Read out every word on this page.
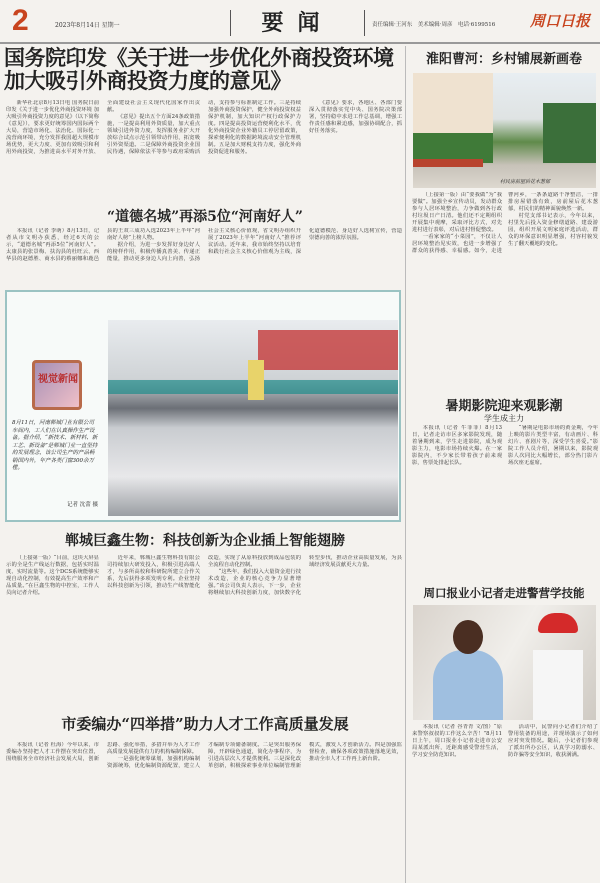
2	2023年8月14日 星期一	要闻	责任编辑·王河东　美术编辑·周彦　电话·6199516 周口日报
国务院印发《关于进一步优化外商投资环境加大吸引外商投资力度的意见》

新华社北京8月13日电 国务院日前印发《关于进一步优化外商投资环境 加大吸引外商投资力度的意见》（以下简称《意见》），要求更好统筹国内国际两个大局，营造市场化、法治化、国际化一流营商环境，充分发挥我国超大规模市场优势，更大力度、更加有效吸引和利用外商投资，为推进高水平对外开放、全面建设社会主义现代化国家作出贡献。

《意见》提出五个方面24条政策措施，一是提高利用外资质量，加大重点领域引进外资力度，发挥服务业扩大开放综合试点示范引领带动作用，拓宽吸引外资渠道。二是保障外商投资企业国民待遇，保障依法平等参与政府采购活动，支持参与标准制定工作。三是持续加强外商投资保护，健全外商投资权益保护机制，加大知识产权行政保护力度。四是提高投资运营便利化水平，优化外商投资企业外籍员工停居留政策，探索便利化的数据跨境流动安全管理机制。五是加大财税支持力度，强化外商投资促进和服务。

《意见》要求，各地区、各部门要深入贯彻落实党中央、国务院决策部署，坚持稳中求进工作总基调，增强工作责任感和紧迫感，加强协调配合，抓好任务落实。

“道德名城”再添5位“河南好人”

本报讯（记者 李萌）8月13日，记者从市文明办获悉，经过6天的公示，“道德名城”再添5位“河南好人”。太康县的张景梅、扶沟县的杜旺云、西华县的赵德胜、商水县的蔡丽娜和鹿邑县的王双三成功入选2023年上半年“河南好人榜”上榜人物。

据介绍，为进一步发挥好身边好人的榜样作用，积极传播真善美、传递正能量，推动更多身边人向上向善，弘扬社会主义核心价值观，省文明办组织开展了2023年上半年“河南好人”推荐评议活动。近年来，我市始终坚持以培育和践行社会主义核心价值观为主线，深化道德模范、身边好人选树宣传，营造崇德向善的浓厚氛围。

视觉新闻
8月11日，河南郸城门业有限公司车间内，工人们在认真操作生产设备。据介绍，“新技术、新材料、新工艺、新设备”是郸城门业一直坚持的发展理念，该公司生产的产品畅销国内外，年产各类门窗300余万樘。
记者 沈蕾 摄
郸城巨鑫生物：科技创新为企业插上智能翅膀

（上接第一版）“目前，这块大屏显示的全是生产线运行数据，包括实时温度、实时流量等。这个DCS系统能够实现自动化控制，有效提高生产效率和产品质量。”在巨鑫生物的中控室，工作人员向记者介绍。

近年来，郸城巨鑫生物科技有限公司持续加大研发投入，积极引进高端人才，与多所高校和科研院所建立合作关系，先后获得多项发明专利。企业坚持以科技创新为引领，推动生产线智能化改造，实现了从原料投放到成品包装的全流程自动化控制。

“这些年，我们投入大量资金进行技术改造，企业的核心竞争力显著增强。”该公司负责人表示，下一步，企业将继续加大科技创新力度，加快数字化转型步伐，推动企业高质量发展，为县域经济发展贡献更大力量。

市委编办“四举措”助力人才工作高质量发展

本报讯（记者 杜海）今年以来，市委编办坚持把人才工作摆在突出位置，围绕服务全市经济社会发展大局，创新思路、强化举措，多措并举为人才工作高质量发展提供有力的机构编制保障。

一是强化统筹谋划，加强机构编制资源统筹，优化编制资源配置，建立人才编制专项储备制度。二是突出服务保障，开辟绿色通道，简化办事程序，为引进高层次人才提供便利。三是深化改革创新，积极探索事业单位编制管理新模式，激发人才创新活力。四是加强监督检查，确保各项政策措施落地见效，推动全市人才工作再上新台阶。

淮阳曹河：乡村铺展新画卷
村民房前屋后花木葱郁

（上接第一版）由“要我做”为“我要做”。加强全乡宣传动员，发动群众参与人居环境整治，力争做到各行政村垃圾日产日清。他们还不定期组织开展集中观摩，采取评比方式，对先进村进行表彰，对后进村督促整改。

一看家家的“小菜园”，不仅让人居环境整治见实效，也进一步增强了群众的获得感、幸福感。如今，走进曹河乡，一条条道路干净整洁，一排排房屋错落有致，房前屋后花木葱郁，村民们的精神面貌焕然一新。

村党支部书记表示，今年以来，村里先后投入资金修缮道路、建设游园，组织开展文明家庭评选活动，群众的环保意识明显增强，村容村貌发生了翻天覆地的变化。

暑期影院迎来观影潮
学生成主力

本报讯（记者 牛菲菲）8月13日，记者走访市区多家影院发现，随着暑期到来，学生走进影院，成为观影主力，电影市场持续火爆。在一家影院内，不少家长带着孩子前来观影，售票处排起长队。

“暑期是电影市场的黄金期，今年上映的影片类型丰富，有动画片、科幻片、喜剧片等，深受学生喜爱。”影院工作人员介绍，暑期以来，影院观影人次同比大幅增长，部分热门影片场次座无虚席。

周口报业小记者走进警营学技能

本报讯（记者 谷青青 文/图）“原来警察叔叔的工作这么辛苦！”8月11日上午，周口报业小记者走进市公安局某派出所，近距离感受警营生活，学习安全防范知识。

活动中，民警向小记者们介绍了警用装备的用途，并现场演示了如何应对突发情况。随后，小记者们参观了派出所办公区，认真学习防溺水、防诈骗等安全知识，收获满满。
